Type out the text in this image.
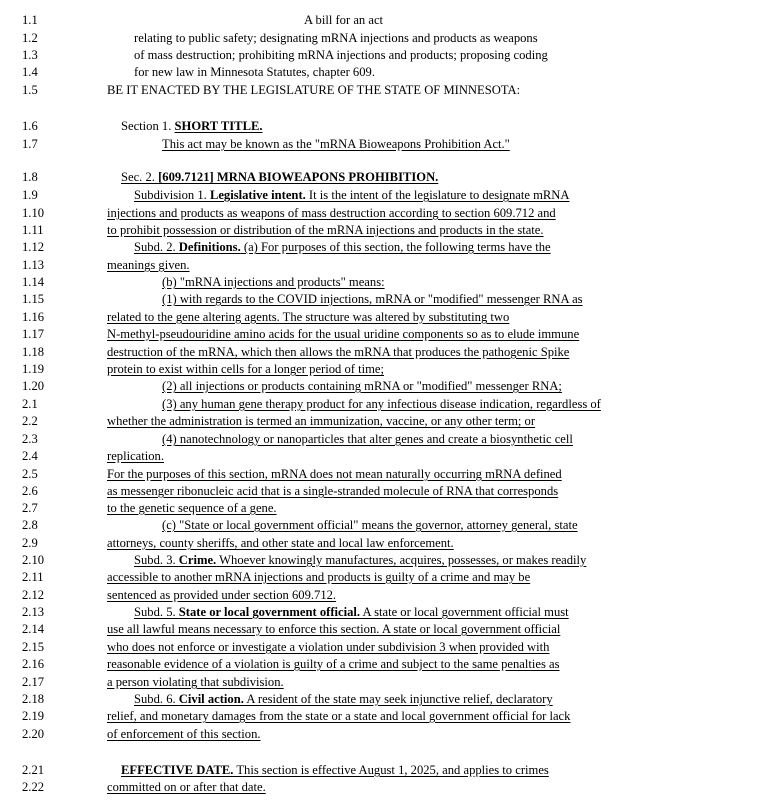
1.1	A bill for an act
1.2	relating to public safety; designating mRNA injections and products as weapons
1.3	of mass destruction; prohibiting mRNA injections and products; proposing coding
1.4	for new law in Minnesota Statutes, chapter 609.
1.5	BE IT ENACTED BY THE LEGISLATURE OF THE STATE OF MINNESOTA:
1.6	Section 1. SHORT TITLE.
1.7	This act may be known as the "mRNA Bioweapons Prohibition Act."
1.8	Sec. 2. [609.7121] MRNA BIOWEAPONS PROHIBITION.
1.9	Subdivision 1. Legislative intent. It is the intent of the legislature to designate mRNA
1.10	injections and products as weapons of mass destruction according to section 609.712 and
1.11	to prohibit possession or distribution of the mRNA injections and products in the state.
1.12	Subd. 2. Definitions. (a) For purposes of this section, the following terms have the
1.13	meanings given.
1.14	(b) "mRNA injections and products" means:
1.15	(1) with regards to the COVID injections, mRNA or "modified" messenger RNA as
1.16	related to the gene altering agents. The structure was altered by substituting two
1.17	N-methyl-pseudouridine amino acids for the usual uridine components so as to elude immune
1.18	destruction of the mRNA, which then allows the mRNA that produces the pathogenic Spike
1.19	protein to exist within cells for a longer period of time;
1.20	(2) all injections or products containing mRNA or "modified" messenger RNA;
2.1	(3) any human gene therapy product for any infectious disease indication, regardless of
2.2	whether the administration is termed an immunization, vaccine, or any other term; or
2.3	(4) nanotechnology or nanoparticles that alter genes and create a biosynthetic cell
2.4	replication.
2.5	For the purposes of this section, mRNA does not mean naturally occurring mRNA defined
2.6	as messenger ribonucleic acid that is a single-stranded molecule of RNA that corresponds
2.7	to the genetic sequence of a gene.
2.8	(c) "State or local government official" means the governor, attorney general, state
2.9	attorneys, county sheriffs, and other state and local law enforcement.
2.10	Subd. 3. Crime. Whoever knowingly manufactures, acquires, possesses, or makes readily
2.11	accessible to another mRNA injections and products is guilty of a crime and may be
2.12	sentenced as provided under section 609.712.
2.13	Subd. 5. State or local government official. A state or local government official must
2.14	use all lawful means necessary to enforce this section. A state or local government official
2.15	who does not enforce or investigate a violation under subdivision 3 when provided with
2.16	reasonable evidence of a violation is guilty of a crime and subject to the same penalties as
2.17	a person violating that subdivision.
2.18	Subd. 6. Civil action. A resident of the state may seek injunctive relief, declaratory
2.19	relief, and monetary damages from the state or a state and local government official for lack
2.20	of enforcement of this section.
2.21	EFFECTIVE DATE. This section is effective August 1, 2025, and applies to crimes
2.22	committed on or after that date.
